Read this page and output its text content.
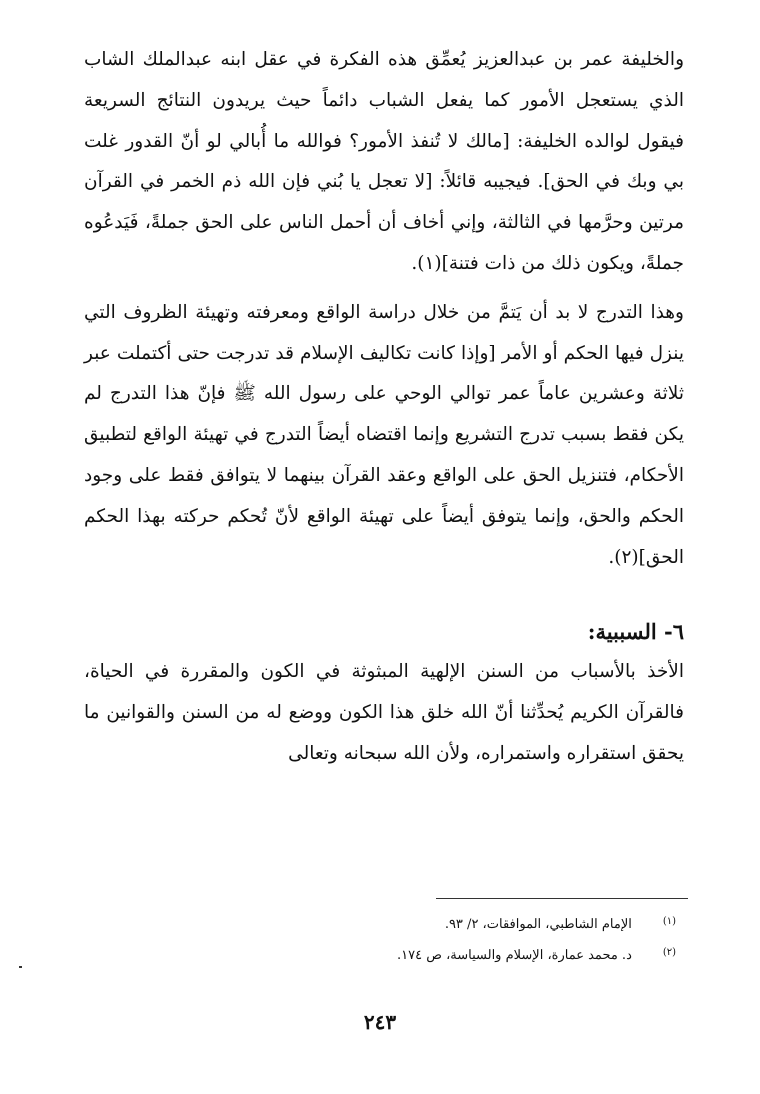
والخليفة عمر بن عبدالعزيز يُعمِّق هذه الفكرة في عقل ابنه عبدالملك الشاب الذي يستعجل الأمور كما يفعل الشباب دائماً حيث يريدون النتائج السريعة فيقول لوالده الخليفة: [مالك لا تُنفذ الأمور؟ فوالله ما أُبالي لو أنّ القدور غلت بي وبك في الحق]. فيجيبه قائلاً: [لا تعجل يا بُني فإن الله ذم الخمر في القرآن مرتين وحرَّمها في الثالثة، وإني أخاف أن أحمل الناس على الحق جملةً، فَيَدعُوه جملةً، ويكون ذلك من ذات فتنة](١).

وهذا التدرج لا بد أن يَتمَّ من خلال دراسة الواقع ومعرفته وتهيئة الظروف التي ينزل فيها الحكم أو الأمر [وإذا كانت تكاليف الإسلام قد تدرجت حتى أكتملت عبر ثلاثة وعشرين عاماً عمر توالي الوحي على رسول الله ﷺ فإنّ هذا التدرج لم يكن فقط بسبب تدرج التشريع وإنما اقتضاه أيضاً التدرج في تهيئة الواقع لتطبيق الأحكام، فتنزيل الحق على الواقع وعقد القرآن بينهما لا يتوافق فقط على وجود الحكم والحق، وإنما يتوفق أيضاً على تهيئة الواقع لأنّ تُحكم حركته بهذا الحكم الحق](٢).

٦- السببية:

الأخذ بالأسباب من السنن الإلهية المبثوثة في الكون والمقررة في الحياة، فالقرآن الكريم يُحدِّثنا أنّ الله خلق هذا الكون ووضع له من السنن والقوانين ما يحقق استقراره واستمراره، ولأن الله سبحانه وتعالى

(١) الإمام الشاطبي، الموافقات، ٢/ ٩٣.
(٢) د. محمد عمارة، الإسلام والسياسة، ص ١٧٤.
٢٤٣
